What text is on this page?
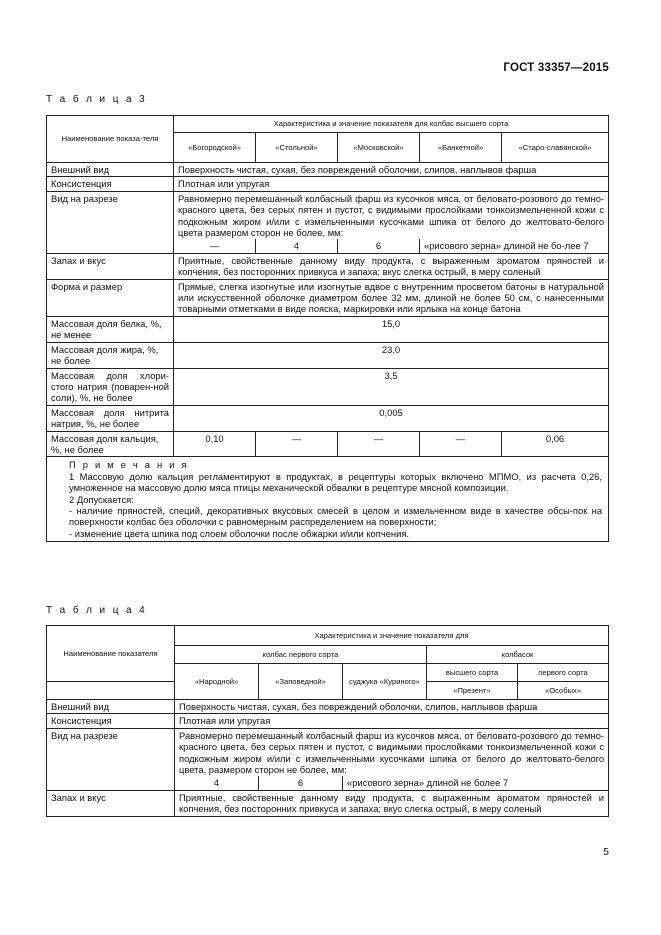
ГОСТ 33357—2015
Т а б л и ц а 3
Наименование показа-теля	Характеристика и значение показателя для колбас высшего сорта				
	«Богородской»	«Стольной»	«Московской»	«Банкетной»	«Старо-славянской»
Внешний вид	Поверхность чистая, сухая, без повреждений оболочки, слипов, наплывов фарша				
Консистенция	Плотная или упругая				
Вид на разрезе	Равномерно перемешанный колбасный фарш из кусочков мяса, от беловато-розового до темно-красного цвета, без серых пятен и пустот, с видимыми прослойками тонкоизмельченной кожи с подкожным жиром и/или с измельченными кусочками шпика от белого до желтовато-белого цвета размером сторон не более, мм:				
	—	4	6	«рисового зерна» длиной не бо-лее 7	
Запах и вкус	Приятные, свойственные данному виду продукта, с выраженным ароматом пряностей и копчения, без посторонних привкуса и запаха; вкус слегка острый, в меру соленый				
Форма и размер	Прямые, слегка изогнутые или изогнутые вдвое с внутренним просветом батоны в натуральной или искусственной оболочке диаметром более 32 мм, длиной не более 50 см, с нанесенными товарными отметками в виде пояска, маркировки или ярлыка на конце батона				
Массовая доля белка, %, не менее	15,0				
Массовая доля жира, %, не более	23,0				
Массовая доля хлори-стого натрия (поварен-ной соли), %, не более	3,5				
Массовая доля нитрита натрия, %, не более	0,005				
Массовая доля кальция, %, не более	0,10	—	—	—	0,06

П р и м е ч а н и я
1 Массовую долю кальция регламентируют в продуктах, в рецептуры которых включено МПМО, из расчета 0,26, умноженное на массовую долю мяса птицы механической обвалки в рецептуре мясной композиции.
2 Допускается:
- наличие пряностей, специй, декоративных вкусовых смесей в целом и измельченном виде в качестве обсы-пок на поверхности колбас без оболочки с равномерным распределением на поверхности;
- изменение цвета шпика под слоем оболочки после обжарки и/или копчения.					
Т а б л и ц а 4
Наименование показателя	Характеристика и значение показателя для				
	колбас первого сорта			колбасок	
	«Народной»	«Заповедной»	суджука «Куриного»	высшего сорта	первого сорта
				«Презент»	«Особых»
Внешний вид	Поверхность чистая, сухая, без повреждений оболочки, слипов, наплывов фарша				
Консистенция	Плотная или упругая				
Вид на разрезе	Равномерно перемешанный колбасный фарш из кусочков мяса, от беловато-розового до темно-красного цвета, без серых пятен и пустот, с видимыми прослойками тонкоизмельченной кожи с подкожным жиром и/или с измельченными кусочками шпика от белого до желтовато-белого цвета, размером сторон не более, мм:				
	4	6	«рисового зерна» длиной не более 7		
Запах и вкус	Приятные, свойственные данному виду продукта, с выраженным ароматом пряностей и копчения, без посторонних привкуса и запаха; вкус слегка острый, в меру соленый				
5
